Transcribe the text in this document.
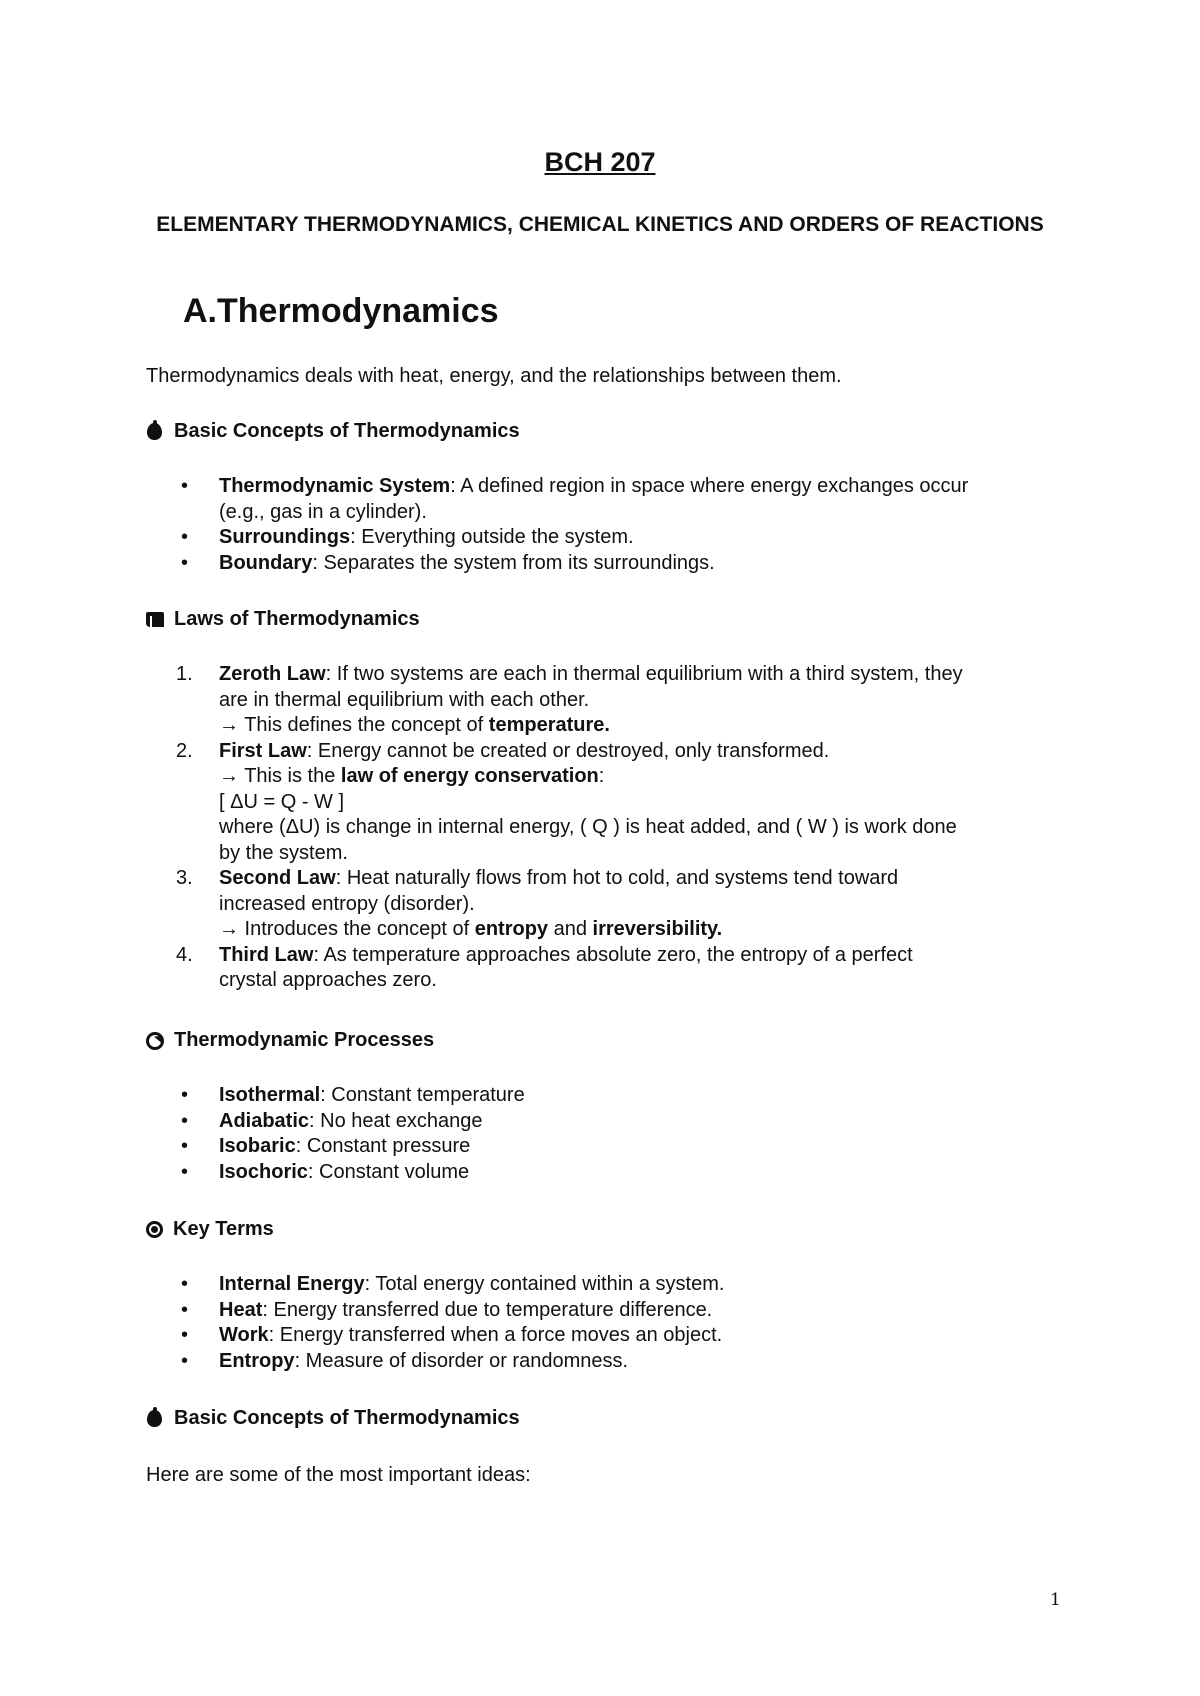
BCH 207
ELEMENTARY THERMODYNAMICS, CHEMICAL KINETICS AND ORDERS OF REACTIONS
A.Thermodynamics
Thermodynamics deals with heat, energy, and the relationships between them.
Basic Concepts of Thermodynamics
• Thermodynamic System: A defined region in space where energy exchanges occur
(e.g., gas in a cylinder).
• Surroundings: Everything outside the system.
• Boundary: Separates the system from its surroundings.
Laws of Thermodynamics
1. Zeroth Law: If two systems are each in thermal equilibrium with a third system, they
are in thermal equilibrium with each other.
→ This defines the concept of temperature.
2. First Law: Energy cannot be created or destroyed, only transformed.
→ This is the law of energy conservation:
[ ΔU = Q - W ]
where (ΔU) is change in internal energy, ( Q ) is heat added, and ( W ) is work done
by the system.
3. Second Law: Heat naturally flows from hot to cold, and systems tend toward
increased entropy (disorder).
→ Introduces the concept of entropy and irreversibility.
4. Third Law: As temperature approaches absolute zero, the entropy of a perfect
crystal approaches zero.
Thermodynamic Processes
• Isothermal: Constant temperature
• Adiabatic: No heat exchange
• Isobaric: Constant pressure
• Isochoric: Constant volume
Key Terms
• Internal Energy: Total energy contained within a system.
• Heat: Energy transferred due to temperature difference.
• Work: Energy transferred when a force moves an object.
• Entropy: Measure of disorder or randomness.
Basic Concepts of Thermodynamics
Here are some of the most important ideas:
1
